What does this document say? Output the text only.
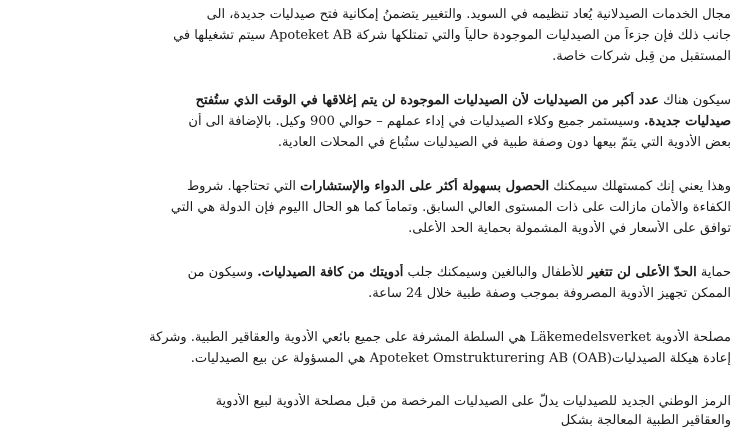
مجال الخدمات الصيدلانية يُعاد تنظيمه في السويد. والتغيير يتضمنُ إمكانية فتح صيدليات جديدة، الى
جانب ذلك فإن جزءاً من الصيدليات الموجودة حالياً والتي تمتلكها شركة Apoteket AB سيتم تشغيلها في
المستقبل من قِبل شركات خاصة.
سيكون هناك عدد أكبر من الصيدليات لأن الصيدليات الموجودة لن يتم إغلاقها في الوقت الذي ستُفتح
صيدليات جديدة. وسيستمر جميع وكلاء الصيدليات في إداء عملهم – حوالي 900 وكيل. بالإضافة الى أن
بعض الأدوية التي يتمّ بيعها دون وصفة طبية في الصيدليات ستُباع في المحلات العادية.
وهذا يعني إنك كمستهلك سيمكنك الحصول بسهولة أكثر على الدواء والإستشارات التي تحتاجها. شروط
الكفاءة والأمان مازالت على ذات المستوى العالي السابق. وتماماً كما هو الحال االيوم فإن الدولة هي التي
توافق على الأسعار في الأدوية المشمولة بحماية الحد الأعلى.
حماية الحدّ الأعلى لن تتغير للأطفال والبالغين وسيمكنك جلب أدويتك من كافة الصيدليات. وسيكون من
الممكن تجهيز الأدوية المصروفة بموجب وصفة طبية خلال 24 ساعة.
مصلحة الأدوية Läkemedelsverket هي السلطة المشرفة على جميع بائعي الأدوية والعقاقير الطبية. وشركة
إعادة هيكلة الصيدليات(Apoteket Omstrukturering AB (OAB هي المسؤولة عن بيع الصيدليات.
الرمز الوطني الجديد للصيدليات يدلّ على الصيدليات المرخصة من قبل مصلحة الأدوية لبيع الأدوية
والعقاقير الطبية المعالجة بشكل
